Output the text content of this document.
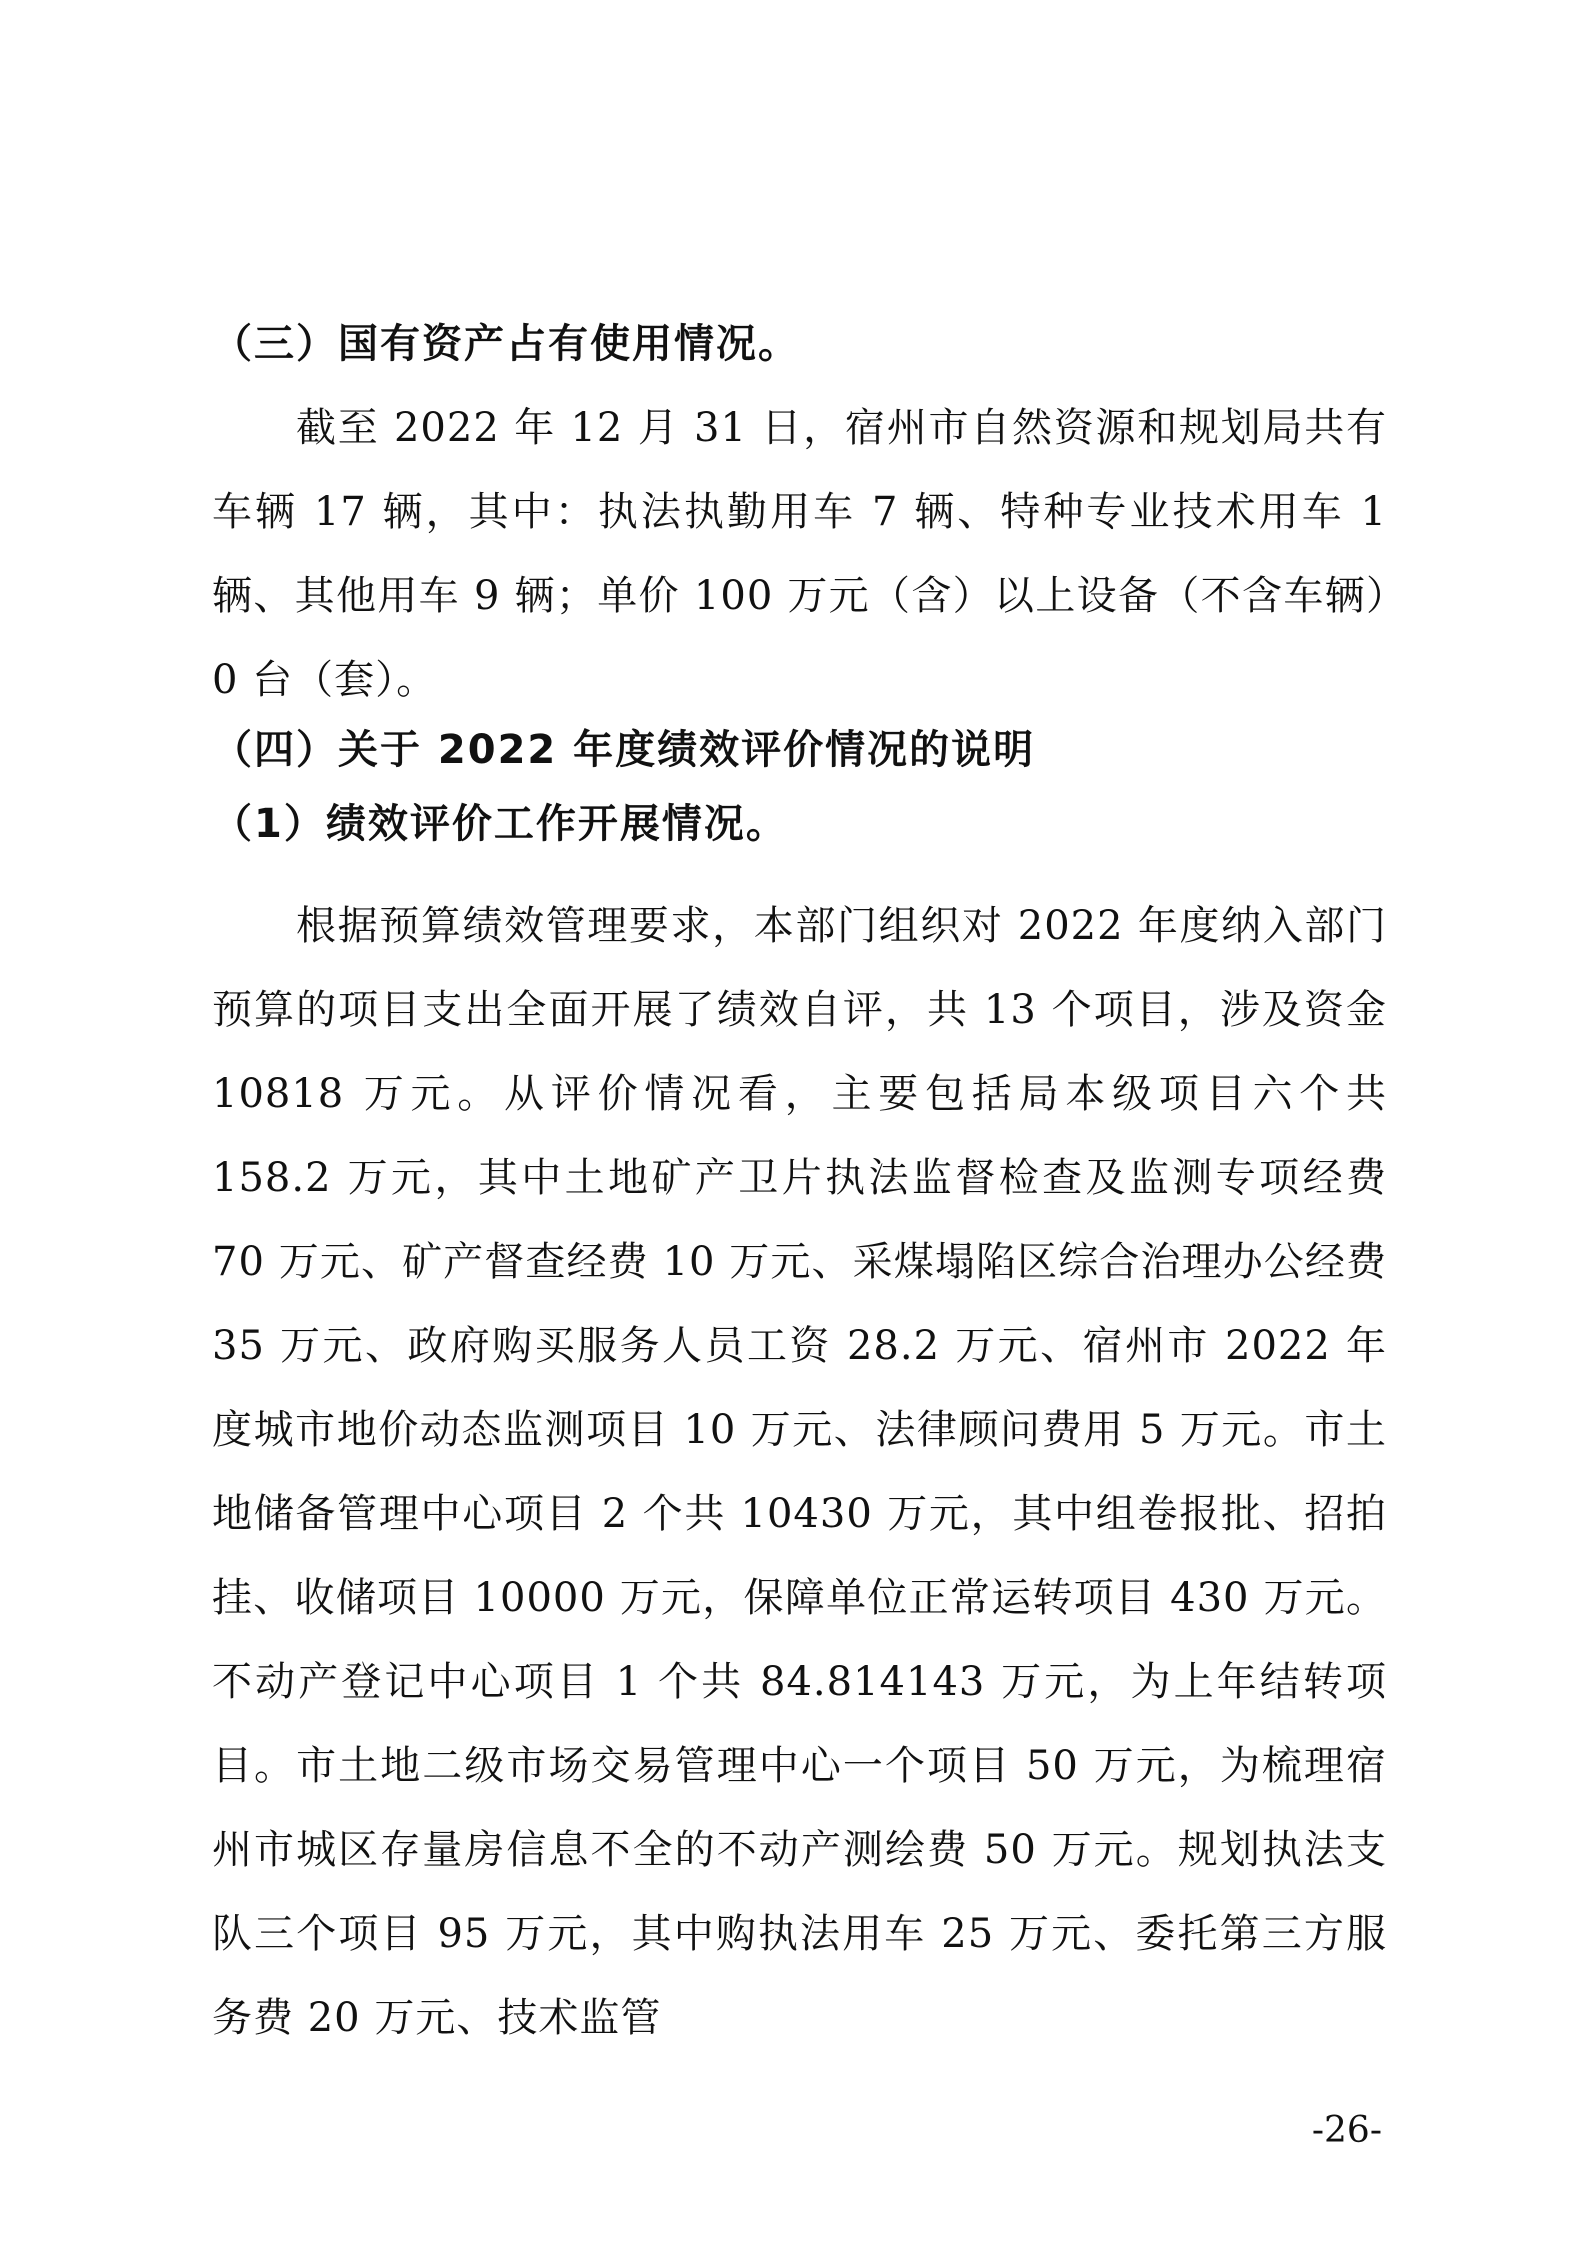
（三）国有资产占有使用情况。

截至 2022 年 12 月 31 日，宿州市自然资源和规划局共有车辆 17 辆，其中：执法执勤用车 7 辆、特种专业技术用车 1 辆、其他用车 9 辆；单价 100 万元（含）以上设备（不含车辆）0 台（套）。

（四）关于 2022 年度绩效评价情况的说明
（1）绩效评价工作开展情况。

根据预算绩效管理要求，本部门组织对 2022 年度纳入部门预算的项目支出全面开展了绩效自评，共 13 个项目，涉及资金 10818 万元。从评价情况看，主要包括局本级项目六个共 158.2 万元，其中土地矿产卫片执法监督检查及监测专项经费 70 万元、矿产督查经费 10 万元、采煤塌陷区综合治理办公经费 35 万元、政府购买服务人员工资 28.2 万元、宿州市 2022 年度城市地价动态监测项目 10 万元、法律顾问费用 5 万元。市土地储备管理中心项目 2 个共 10430 万元，其中组卷报批、招拍挂、收储项目 10000 万元，保障单位正常运转项目 430 万元。不动产登记中心项目 1 个共 84.814143 万元，为上年结转项目。市土地二级市场交易管理中心一个项目 50 万元，为梳理宿州市城区存量房信息不全的不动产测绘费 50 万元。规划执法支队三个项目 95 万元，其中购执法用车 25 万元、委托第三方服务费 20 万元、技术监管

-26-
